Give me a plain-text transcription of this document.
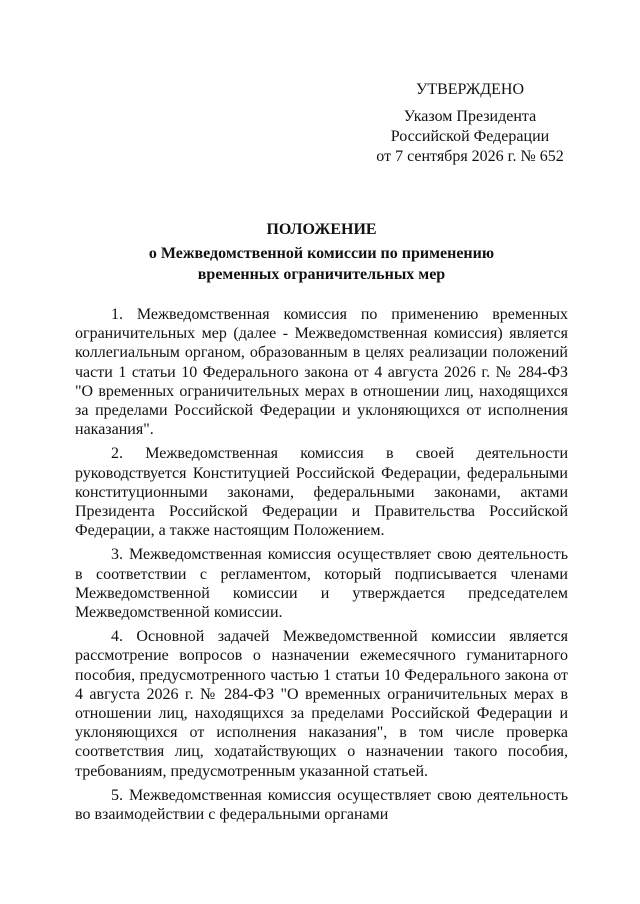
УТВЕРЖДЕНО
Указом Президента
Российской Федерации
от 7 сентября 2026 г. № 652
ПОЛОЖЕНИЕ
о Межведомственной комиссии по применению
временных ограничительных мер

1. Межведомственная комиссия по применению временных ограничительных мер (далее - Межведомственная комиссия) является коллегиальным органом, образованным в целях реализации положений части 1 статьи 10 Федерального закона от 4 августа 2026 г. № 284-ФЗ "О временных ограничительных мерах в отношении лиц, находящихся за пределами Российской Федерации и уклоняющихся от исполнения наказания".

2. Межведомственная комиссия в своей деятельности руководствуется Конституцией Российской Федерации, федеральными конституционными законами, федеральными законами, актами Президента Российской Федерации и Правительства Российской Федерации, а также настоящим Положением.

3. Межведомственная комиссия осуществляет свою деятельность в соответствии с регламентом, который подписывается членами Межведомственной комиссии и утверждается председателем Межведомственной комиссии.

4. Основной задачей Межведомственной комиссии является рассмотрение вопросов о назначении ежемесячного гуманитарного пособия, предусмотренного частью 1 статьи 10 Федерального закона от 4 августа 2026 г. № 284-ФЗ "О временных ограничительных мерах в отношении лиц, находящихся за пределами Российской Федерации и уклоняющихся от исполнения наказания", в том числе проверка соответствия лиц, ходатайствующих о назначении такого пособия, требованиям, предусмотренным указанной статьей.

5. Межведомственная комиссия осуществляет свою деятельность во взаимодействии с федеральными органами
